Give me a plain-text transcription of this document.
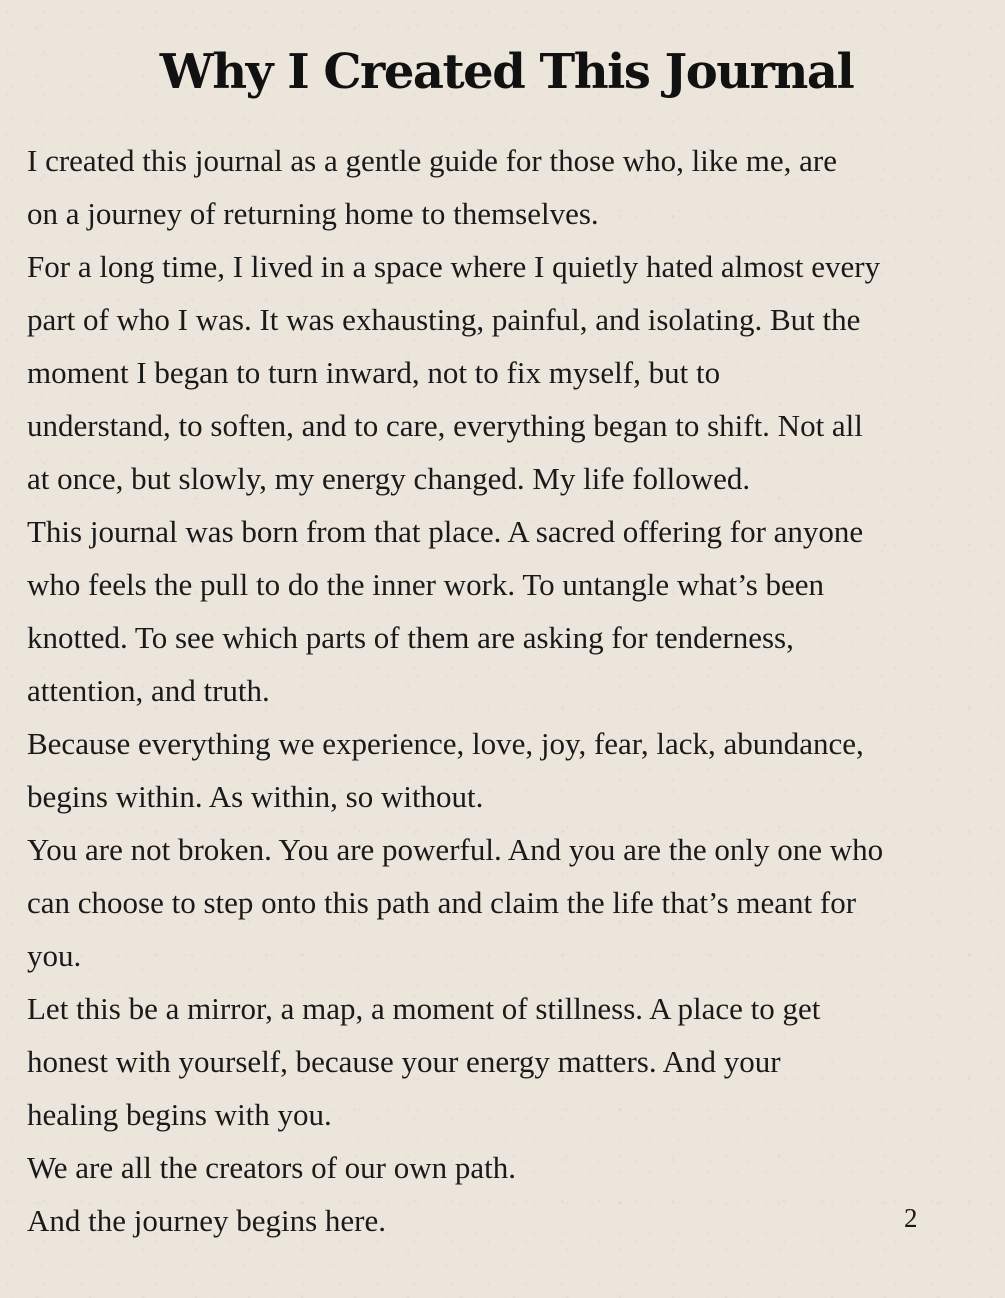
Why I Created This Journal
I created this journal as a gentle guide for those who, like me, are
on a journey of returning home to themselves.
For a long time, I lived in a space where I quietly hated almost every
part of who I was. It was exhausting, painful, and isolating. But the
moment I began to turn inward, not to fix myself, but to
understand, to soften, and to care, everything began to shift. Not all
at once, but slowly, my energy changed. My life followed.
This journal was born from that place. A sacred offering for anyone
who feels the pull to do the inner work. To untangle what’s been
knotted. To see which parts of them are asking for tenderness,
attention, and truth.
Because everything we experience, love, joy, fear, lack, abundance,
begins within. As within, so without.
You are not broken. You are powerful. And you are the only one who
can choose to step onto this path and claim the life that’s meant for
you.
Let this be a mirror, a map, a moment of stillness. A place to get
honest with yourself, because your energy matters. And your
healing begins with you.
We are all the creators of our own path.
And the journey begins here.	2
